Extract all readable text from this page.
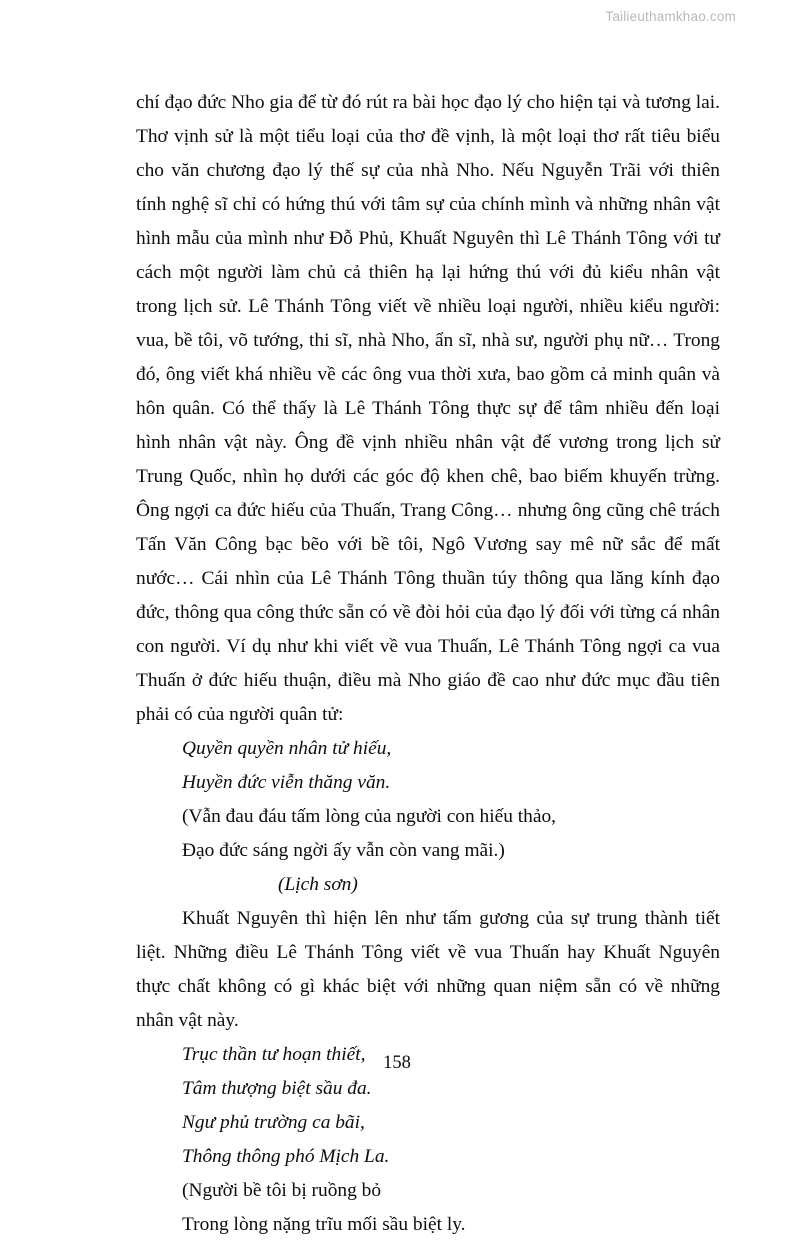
Tailieuthamkhao.com

chí đạo đức Nho gia để từ đó rút ra bài học đạo lý cho hiện tại và tương lai. Thơ vịnh sử là một tiểu loại của thơ đề vịnh, là một loại thơ rất tiêu biểu cho văn chương đạo lý thế sự của nhà Nho. Nếu Nguyễn Trãi với thiên tính nghệ sĩ chỉ có hứng thú với tâm sự của chính mình và những nhân vật hình mẫu của mình như Đỗ Phủ, Khuất Nguyên thì Lê Thánh Tông với tư cách một người làm chủ cả thiên hạ lại hứng thú với đủ kiểu nhân vật trong lịch sử. Lê Thánh Tông viết về nhiều loại người, nhiều kiểu người: vua, bề tôi, võ tướng, thi sĩ, nhà Nho, ẩn sĩ, nhà sư, người phụ nữ… Trong đó, ông viết khá nhiều về các ông vua thời xưa, bao gồm cả minh quân và hôn quân. Có thể thấy là Lê Thánh Tông thực sự để tâm nhiều đến loại hình nhân vật này. Ông đề vịnh nhiều nhân vật đế vương trong lịch sử Trung Quốc, nhìn họ dưới các góc độ khen chê, bao biếm khuyến trừng. Ông ngợi ca đức hiếu của Thuấn, Trang Công… nhưng ông cũng chê trách Tấn Văn Công bạc bẽo với bề tôi, Ngô Vương say mê nữ sắc để mất nước… Cái nhìn của Lê Thánh Tông thuần túy thông qua lăng kính đạo đức, thông qua công thức sẵn có về đòi hỏi của đạo lý đối với từng cá nhân con người. Ví dụ như khi viết về vua Thuấn, Lê Thánh Tông ngợi ca vua Thuấn ở đức hiếu thuận, điều mà Nho giáo đề cao như đức mục đầu tiên phải có của người quân tử:

Quyền quyền nhân tử hiếu,
Huyền đức viễn thăng văn.
(Vẫn đau đáu tấm lòng của người con hiếu thảo,
Đạo đức sáng ngời ấy vẫn còn vang mãi.)
(Lịch sơn)

Khuất Nguyên thì hiện lên như tấm gương của sự trung thành tiết liệt. Những điều Lê Thánh Tông viết về vua Thuấn hay Khuất Nguyên thực chất không có gì khác biệt với những quan niệm sẵn có về những nhân vật này.

Trục thần tư hoạn thiết,
Tâm thượng biệt sầu đa.
Ngư phủ trường ca bãi,
Thông thông phó Mịch La.
(Người bề tôi bị ruồng bỏ
Trong lòng nặng trĩu mối sầu biệt ly.
158
